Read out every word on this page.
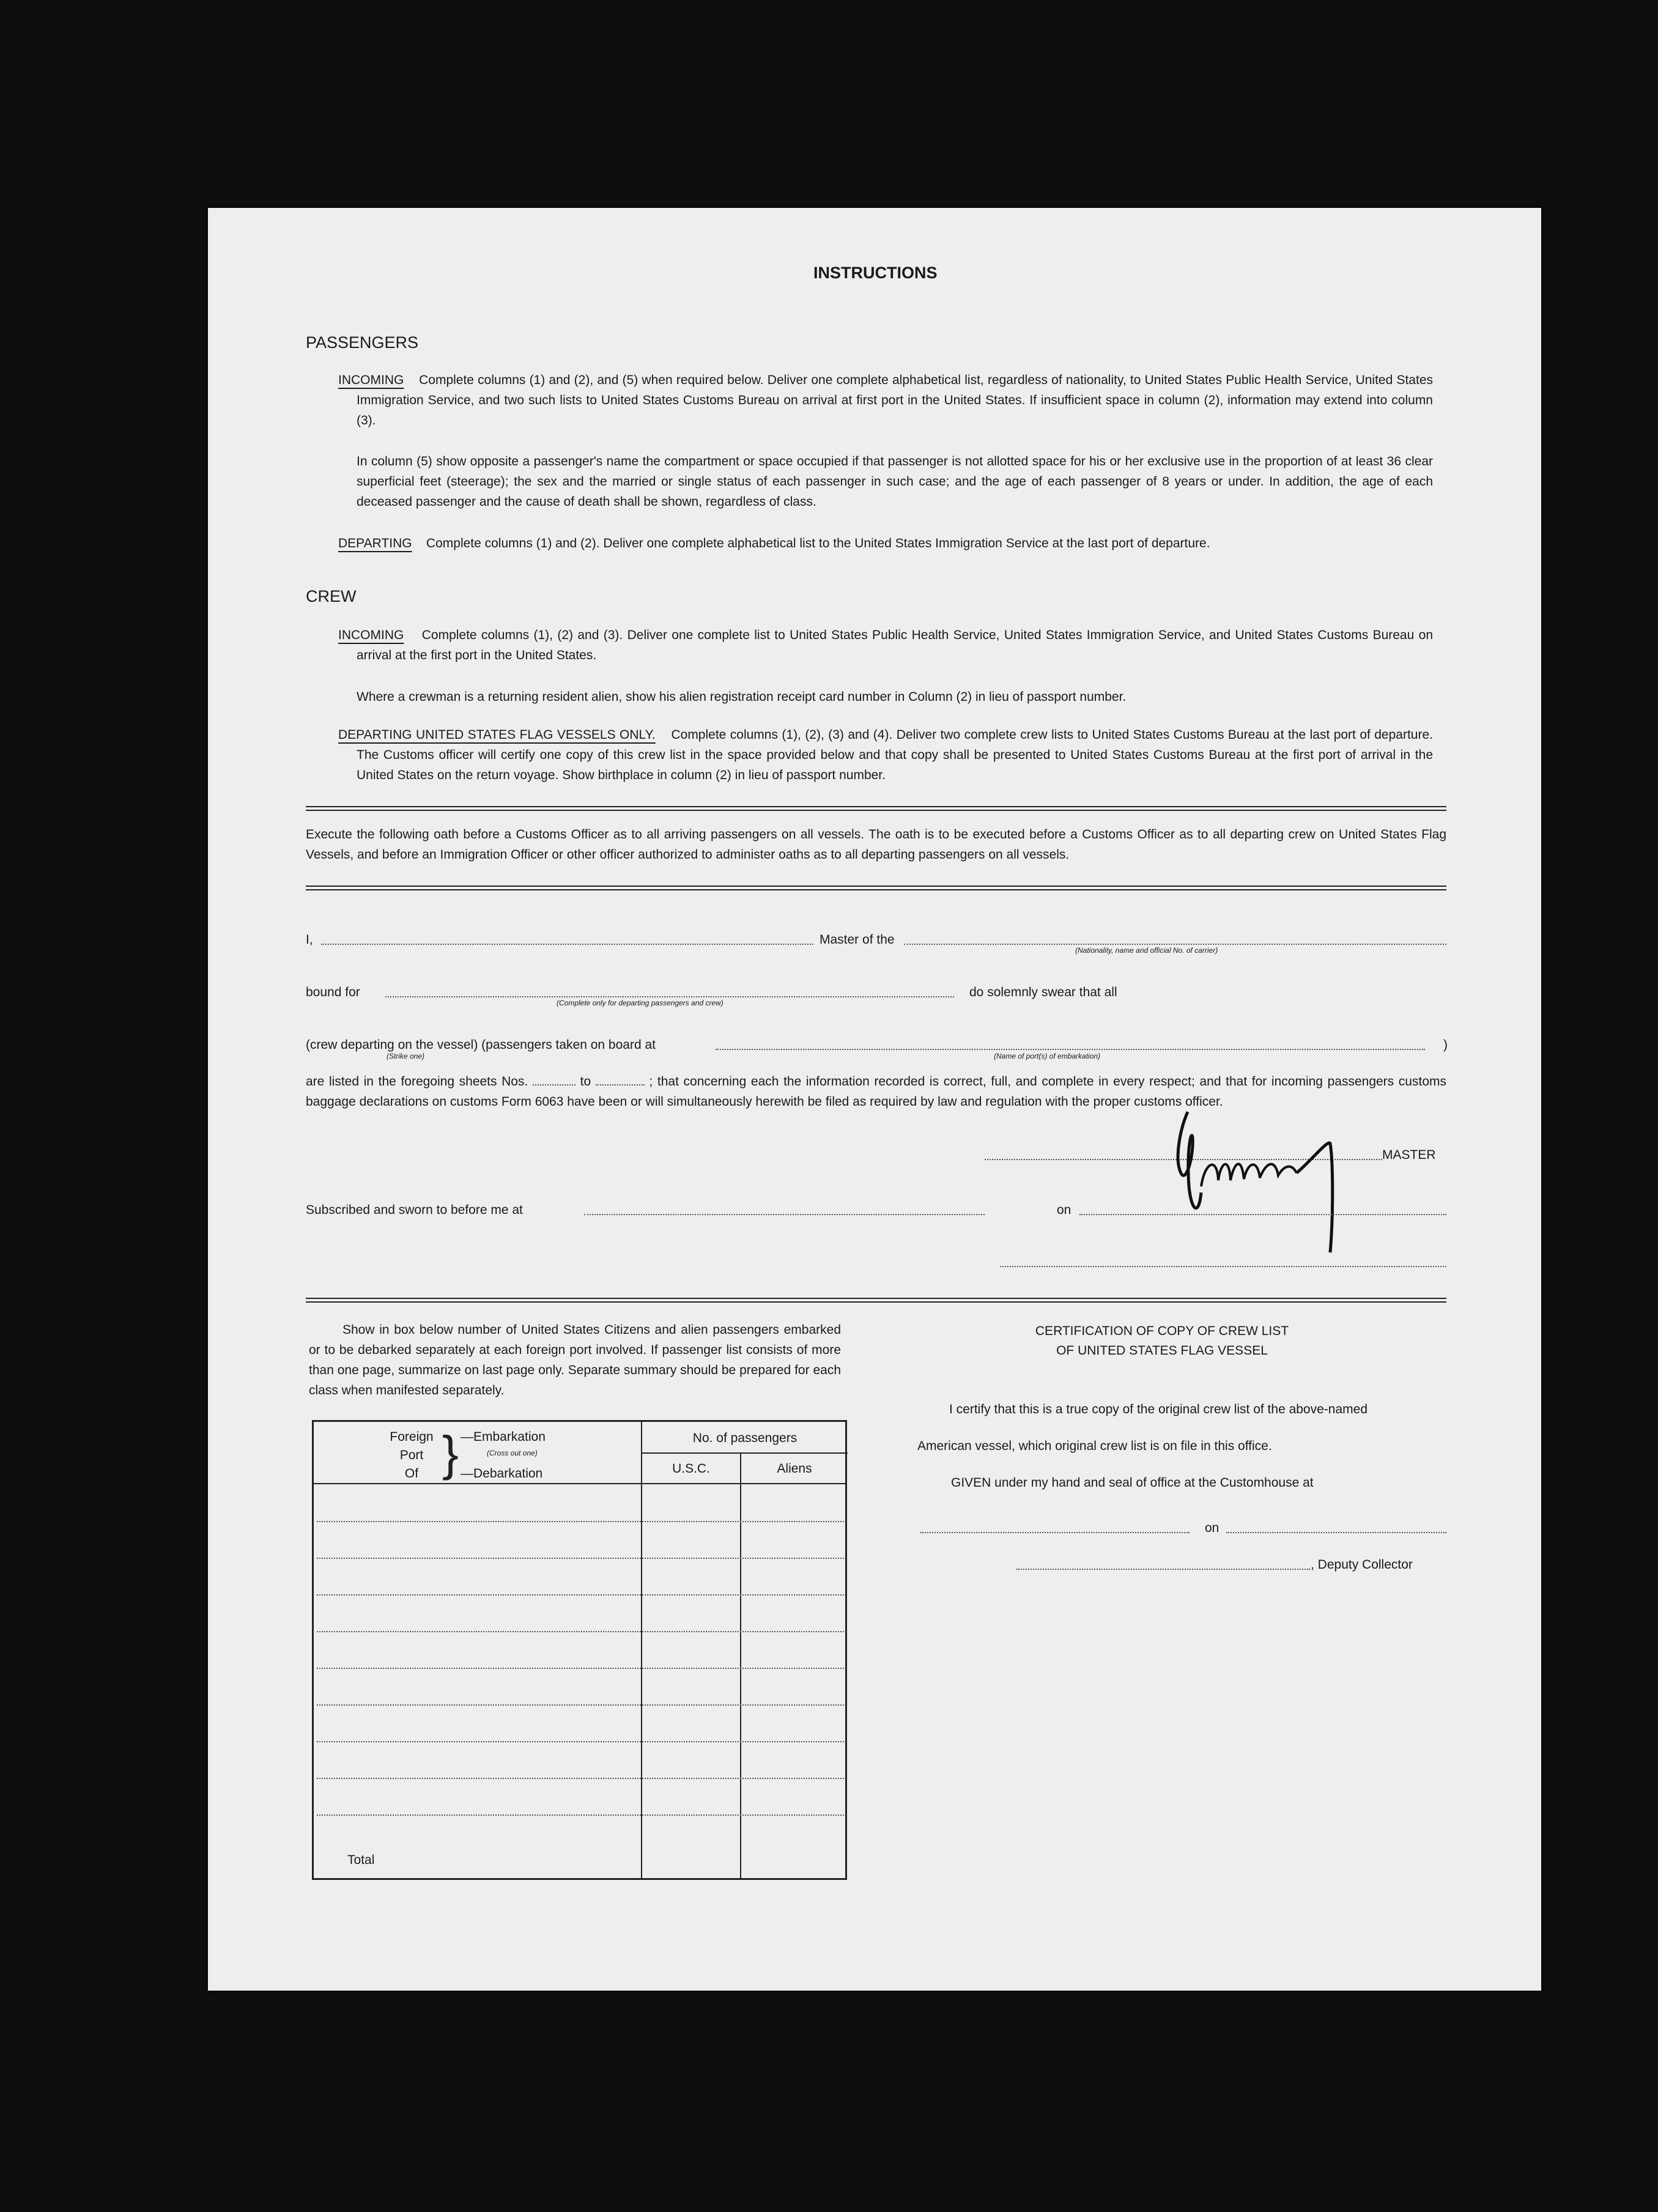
INSTRUCTIONS
PASSENGERS
INCOMING Complete columns (1) and (2), and (5) when required below. Deliver one complete alphabetical list, regardless of nationality, to United States Public Health Service, United States Immigration Service, and two such lists to United States Customs Bureau on arrival at first port in the United States. If insufficient space in column (2), information may extend into column (3).
In column (5) show opposite a passenger's name the compartment or space occupied if that passenger is not allotted space for his or her exclusive use in the proportion of at least 36 clear superficial feet (steerage); the sex and the married or single status of each passenger in such case; and the age of each passenger of 8 years or under. In addition, the age of each deceased passenger and the cause of death shall be shown, regardless of class.
DEPARTING Complete columns (1) and (2). Deliver one complete alphabetical list to the United States Immigration Service at the last port of departure.
CREW
INCOMING Complete columns (1), (2) and (3). Deliver one complete list to United States Public Health Service, United States Immigration Service, and United States Customs Bureau on arrival at the first port in the United States.
Where a crewman is a returning resident alien, show his alien registration receipt card number in Column (2) in lieu of passport number.
DEPARTING UNITED STATES FLAG VESSELS ONLY. Complete columns (1), (2), (3) and (4). Deliver two complete crew lists to United States Customs Bureau at the last port of departure. The Customs officer will certify one copy of this crew list in the space provided below and that copy shall be presented to United States Customs Bureau at the first port of arrival in the United States on the return voyage. Show birthplace in column (2) in lieu of passport number.
Execute the following oath before a Customs Officer as to all arriving passengers on all vessels. The oath is to be executed before a Customs Officer as to all departing crew on United States Flag Vessels, and before an Immigration Officer or other officer authorized to administer oaths as to all departing passengers on all vessels.
I,	Master of the
(Nationality, name and official No. of carrier)
bound for
(Complete only for departing passengers and crew)
do solemnly swear that all
(crew departing on the vessel) (passengers taken on board at	)
(Strike one)	(Name of port(s) of embarkation)
are listed in the foregoing sheets Nos.	to	; that concerning each the information recorded is correct, full, and complete in every respect; and that for incoming passengers customs baggage declarations on customs Form 6063 have been or will simultaneously herewith be filed as required by law and regulation with the proper customs officer.
MASTER
Subscribed and sworn to before me at	on
Show in box below number of United States Citizens and alien passengers embarked or to be debarked separately at each foreign port involved. If passenger list consists of more than one page, summarize on last page only. Separate summary should be prepared for each class when manifested separately.
Foreign
Port
Of } —Embarkation
(Cross out one)
—Debarkation
No. of passengers
U.S.C.	Aliens
Total
CERTIFICATION OF COPY OF CREW LIST
OF UNITED STATES FLAG VESSEL
I certify that this is a true copy of the original crew list of the above-named
American vessel, which original crew list is on file in this office.
GIVEN under my hand and seal of office at the Customhouse at
on
, Deputy Collector
